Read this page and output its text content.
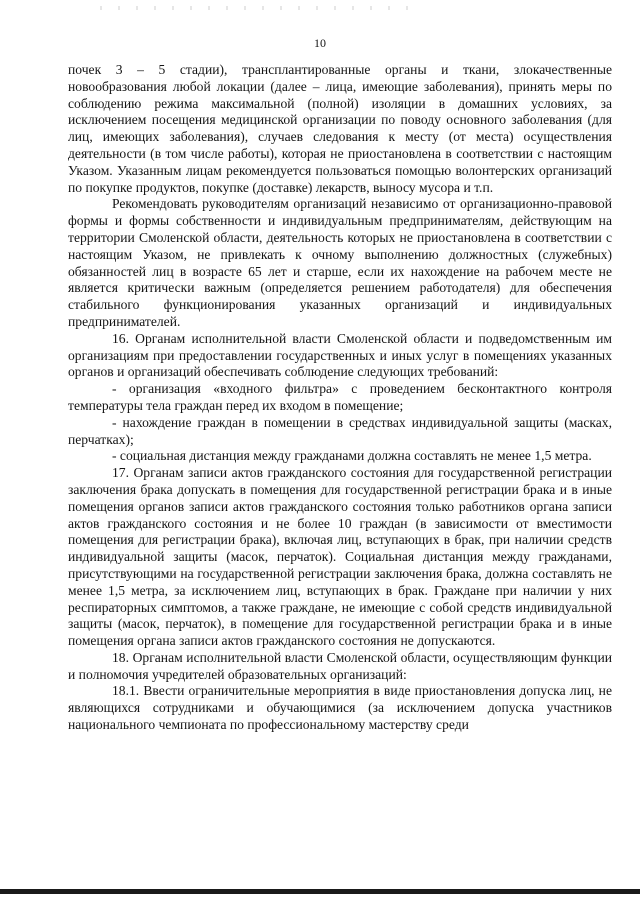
10

почек 3 – 5 стадии), трансплантированные органы и ткани, злокачественные новообразования любой локации (далее – лица, имеющие заболевания), принять меры по соблюдению режима максимальной (полной) изоляции в домашних условиях, за исключением посещения медицинской организации по поводу основного заболевания (для лиц, имеющих заболевания), случаев следования к месту (от места) осуществления деятельности (в том числе работы), которая не приостановлена в соответствии с настоящим Указом. Указанным лицам рекомендуется пользоваться помощью волонтерских организаций по покупке продуктов, покупке (доставке) лекарств, выносу мусора и т.п.

Рекомендовать руководителям организаций независимо от организационно-правовой формы и формы собственности и индивидуальным предпринимателям, действующим на территории Смоленской области, деятельность которых не приостановлена в соответствии с настоящим Указом, не привлекать к очному выполнению должностных (служебных) обязанностей лиц в возрасте 65 лет и старше, если их нахождение на рабочем месте не является критически важным (определяется решением работодателя) для обеспечения стабильного функционирования указанных организаций и индивидуальных предпринимателей.

16. Органам исполнительной власти Смоленской области и подведомственным им организациям при предоставлении государственных и иных услуг в помещениях указанных органов и организаций обеспечивать соблюдение следующих требований:

- организация «входного фильтра» с проведением бесконтактного контроля температуры тела граждан перед их входом в помещение;

- нахождение граждан в помещении в средствах индивидуальной защиты (масках, перчатках);

- социальная дистанция между гражданами должна составлять не менее 1,5 метра.

17. Органам записи актов гражданского состояния для государственной регистрации заключения брака допускать в помещения для государственной регистрации брака и в иные помещения органов записи актов гражданского состояния только работников органа записи актов гражданского состояния и не более 10 граждан (в зависимости от вместимости помещения для регистрации брака), включая лиц, вступающих в брак, при наличии средств индивидуальной защиты (масок, перчаток). Социальная дистанция между гражданами, присутствующими на государственной регистрации заключения брака, должна составлять не менее 1,5 метра, за исключением лиц, вступающих в брак. Граждане при наличии у них респираторных симптомов, а также граждане, не имеющие с собой средств индивидуальной защиты (масок, перчаток), в помещение для государственной регистрации брака и в иные помещения органа записи актов гражданского состояния не допускаются.

18. Органам исполнительной власти Смоленской области, осуществляющим функции и полномочия учредителей образовательных организаций:

18.1. Ввести ограничительные мероприятия в виде приостановления допуска лиц, не являющихся сотрудниками и обучающимися (за исключением допуска участников национального чемпионата по профессиональному мастерству среди
